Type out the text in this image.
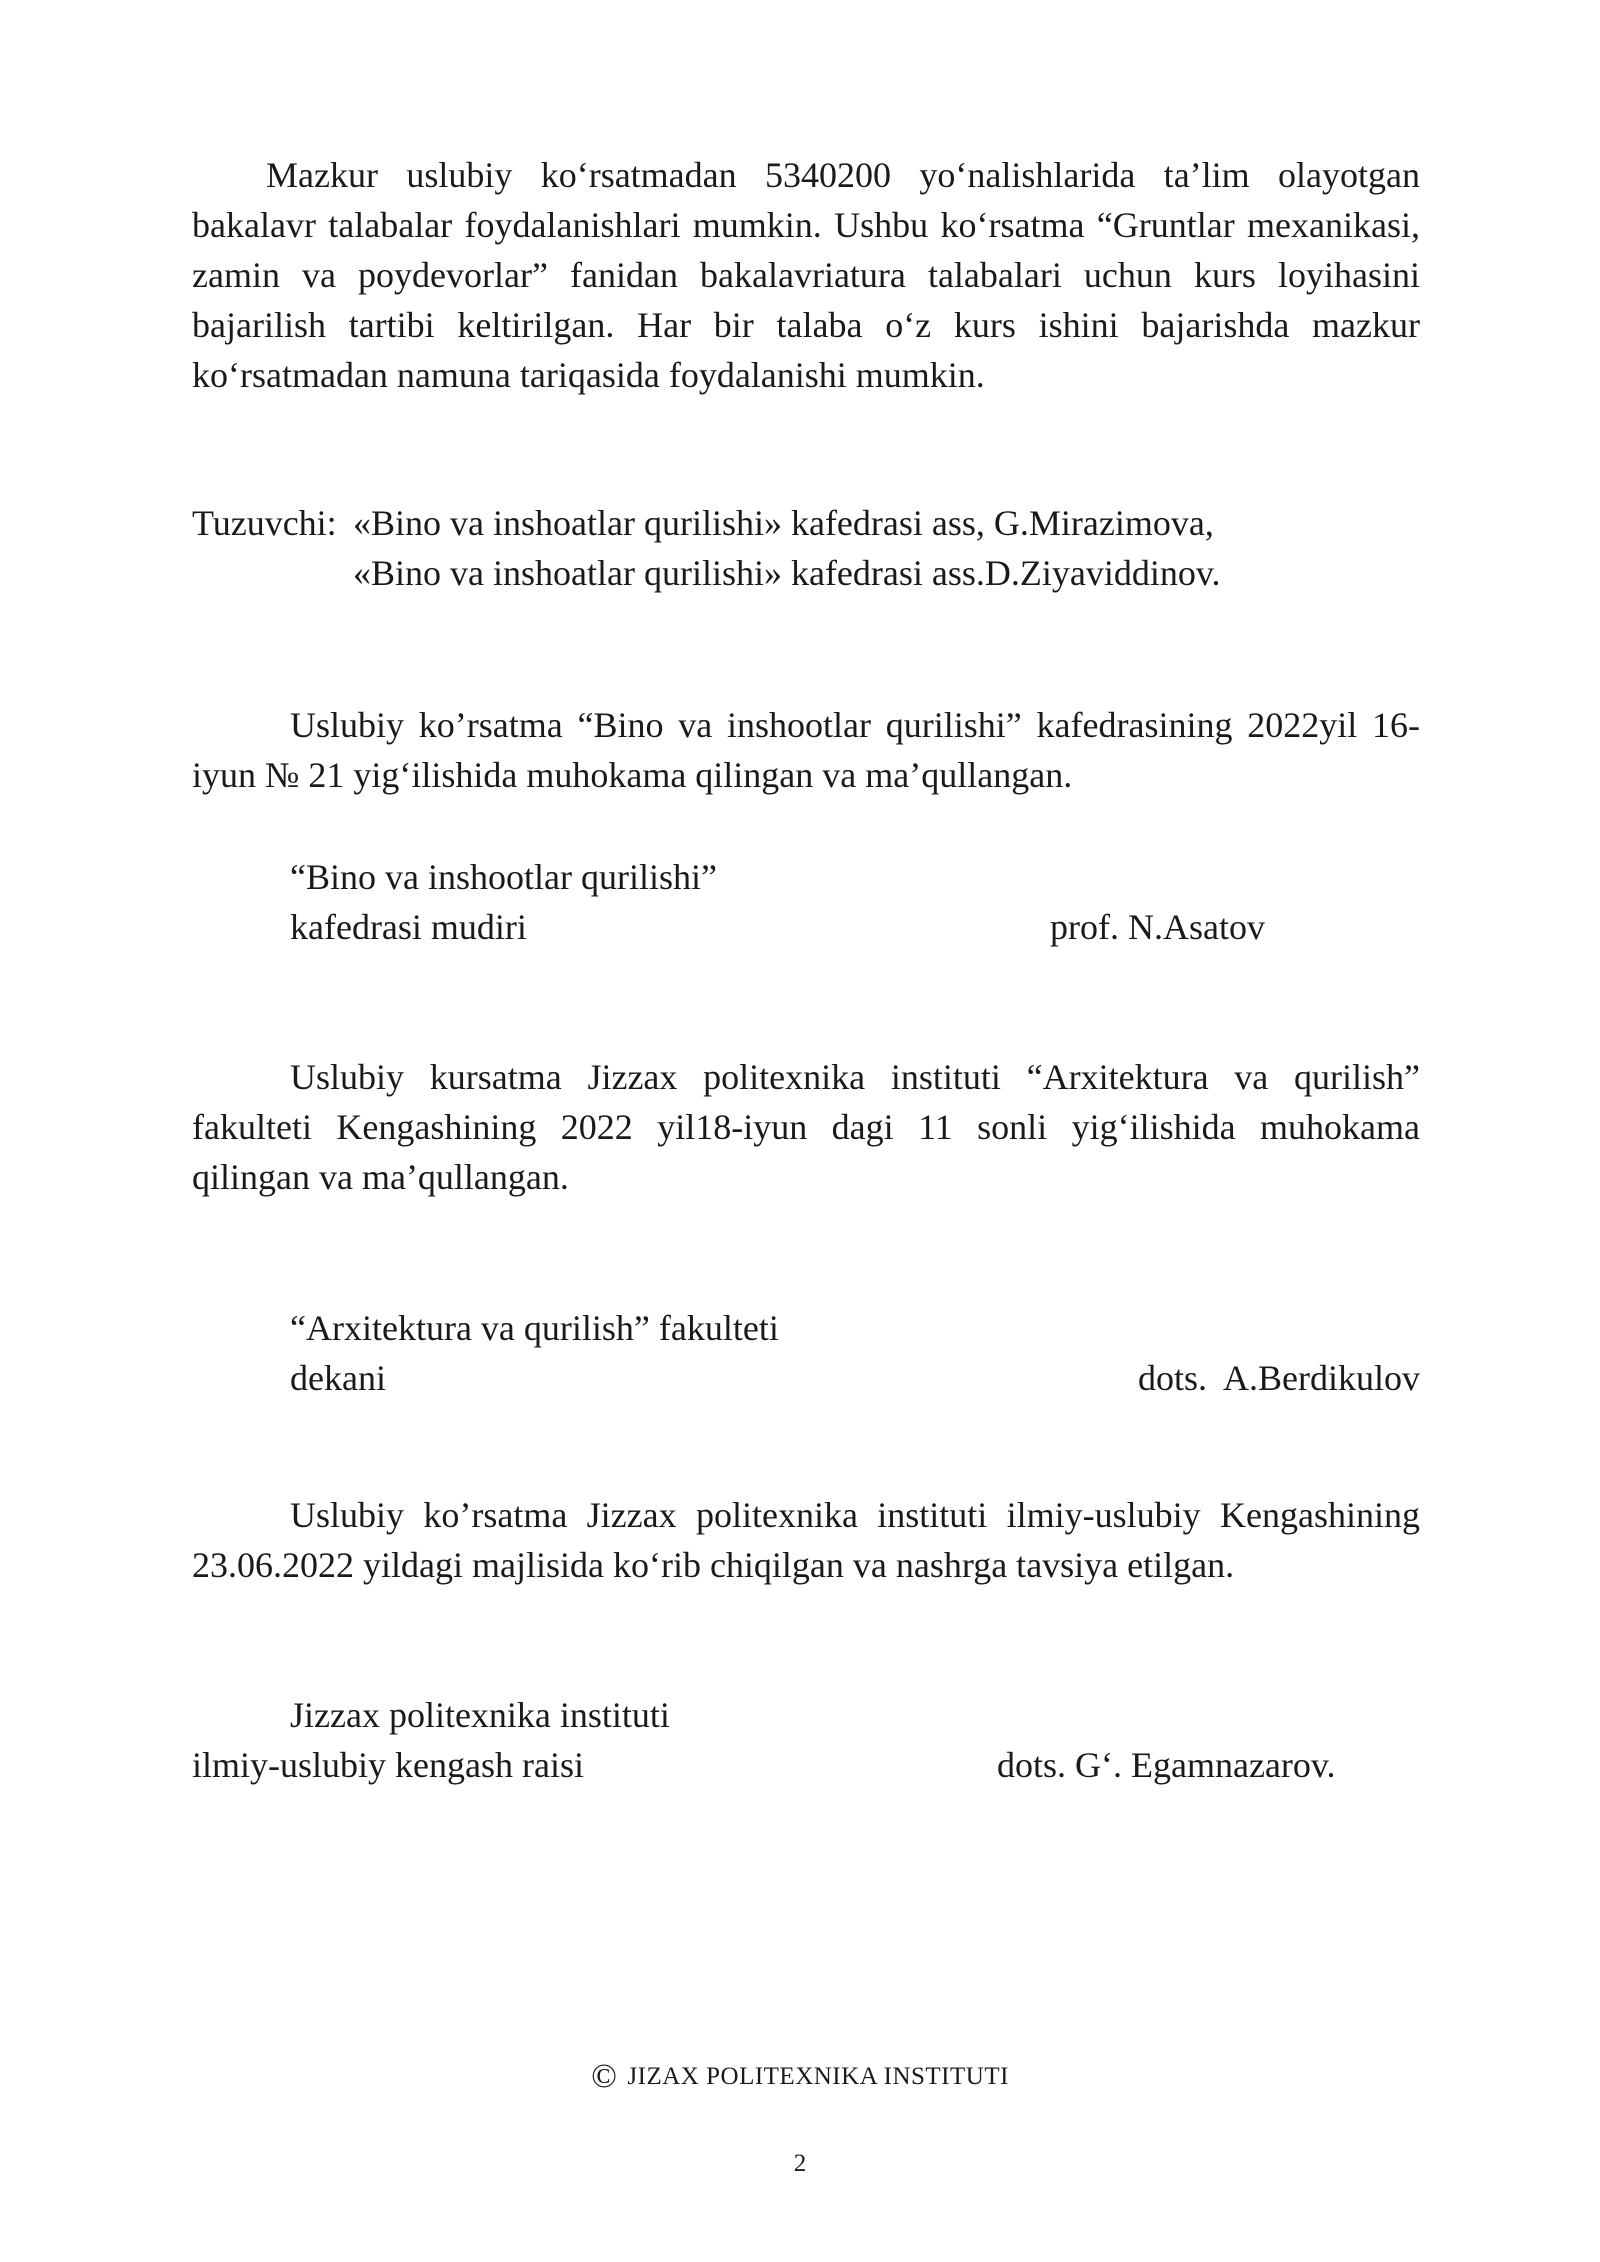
Mazkur uslubiy ko‘rsatmadan 5340200 yo‘nalishlarida ta’lim olayotgan bakalavr talabalar foydalanishlari mumkin. Ushbu ko‘rsatma “Gruntlar mexanikasi, zamin va poydevorlar” fanidan bakalavriatura talabalari uchun kurs loyihasini bajarilish tartibi keltirilgan. Har bir talaba o‘z kurs ishini bajarishda mazkur ko‘rsatmadan namuna tariqasida foydalanishi mumkin.

Tuzuvchi: «Bino va inshoatlar qurilishi» kafedrasi ass, G.Mirazimova,
«Bino va inshoatlar qurilishi» kafedrasi ass.D.Ziyaviddinov.

Uslubiy ko’rsatma “Bino va inshootlar qurilishi” kafedrasining 2022yil 16-iyun № 21 yig‘ilishida muhokama qilingan va ma’qullangan.

“Bino va inshootlar qurilishi”
kafedrasi mudiri	prof. N.Asatov

Uslubiy kursatma Jizzax politexnika instituti “Arxitektura va qurilish” fakulteti Kengashining 2022 yil18-iyun dagi 11 sonli yig‘ilishida muhokama qilingan va ma’qullangan.

“Arxitektura va qurilish” fakulteti
dekani	dots.  A.Berdikulov

Uslubiy ko’rsatma Jizzax politexnika instituti ilmiy-uslubiy Kengashining 23.06.2022 yildagi majlisida ko‘rib chiqilgan va nashrga tavsiya etilgan.

Jizzax politexnika instituti
ilmiy-uslubiy kengash raisi	dots. G‘. Egamnazarov.
© JIZAX POLITEXNIKA INSTITUTI
2
